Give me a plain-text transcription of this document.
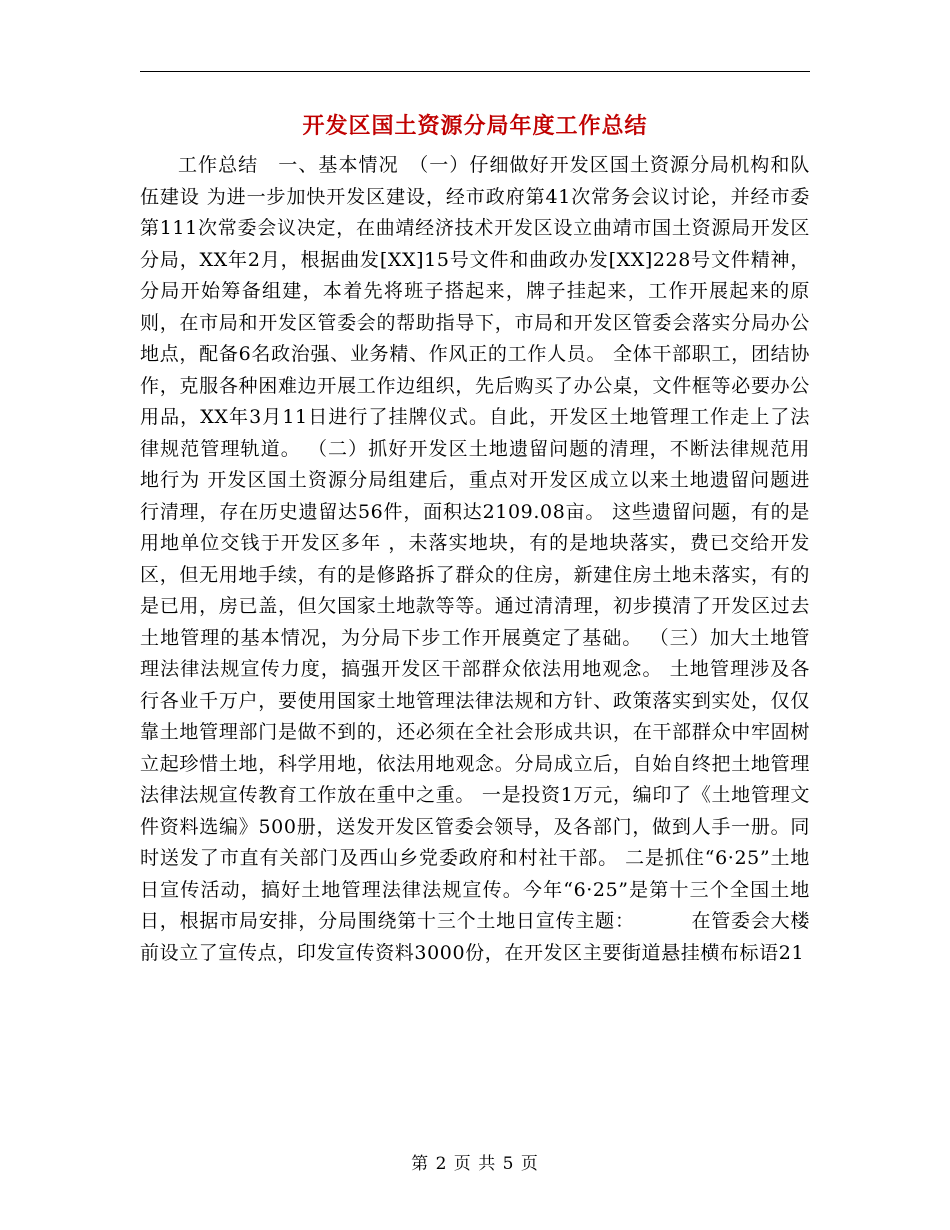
开发区国土资源分局年度工作总结

工作总结　一、基本情况　（一）仔细做好开发区国土资源分局机构和队伍建设 为进一步加快开发区建设，经市政府第41次常务会议讨论，并经市委第111次常委会议决定，在曲靖经济技术开发区设立曲靖市国土资源局开发区分局，XX年2月，根据曲发[XX]15号文件和曲政办发[XX]228号文件精神，分局开始筹备组建，本着先将班子搭起来，牌子挂起来，工作开展起来的原则，在市局和开发区管委会的帮助指导下，市局和开发区管委会落实分局办公地点，配备6名政治强、业务精、作风正的工作人员。 全体干部职工，团结协作，克服各种困难边开展工作边组织，先后购买了办公桌，文件框等必要办公用品，XX年3月11日进行了挂牌仪式。自此，开发区土地管理工作走上了法律规范管理轨道。 （二）抓好开发区土地遗留问题的清理，不断法律规范用地行为 开发区国土资源分局组建后，重点对开发区成立以来土地遗留问题进行清理，存在历史遗留达56件，面积达2109.08亩。 这些遗留问题，有的是用地单位交钱于开发区多年 ，未落实地块，有的是地块落实，费已交给开发区，但无用地手续，有的是修路拆了群众的住房，新建住房土地未落实，有的是已用，房已盖，但欠国家土地款等等。通过清清理，初步摸清了开发区过去土地管理的基本情况，为分局下步工作开展奠定了基础。 （三）加大土地管理法律法规宣传力度，搞强开发区干部群众依法用地观念。 土地管理涉及各行各业千万户，要使用国家土地管理法律法规和方针、政策落实到实处，仅仅靠土地管理部门是做不到的，还必须在全社会形成共识，在干部群众中牢固树立起珍惜土地，科学用地，依法用地观念。分局成立后，自始自终把土地管理法律法规宣传教育工作放在重中之重。 一是投资1万元，编印了《土地管理文件资料选编》500册，送发开发区管委会领导，及各部门，做到人手一册。同时送发了市直有关部门及西山乡党委政府和村社干部。 二是抓住“6·25”土地日宣传活动，搞好土地管理法律法规宣传。今年“6·25”是第十三个全国土地日，根据市局安排，分局围绕第十三个土地日宣传主题：　　　 在管委会大楼前设立了宣传点，印发宣传资料3000份，在开发区主要街道悬挂横布标语21

第 2 页 共 5 页
